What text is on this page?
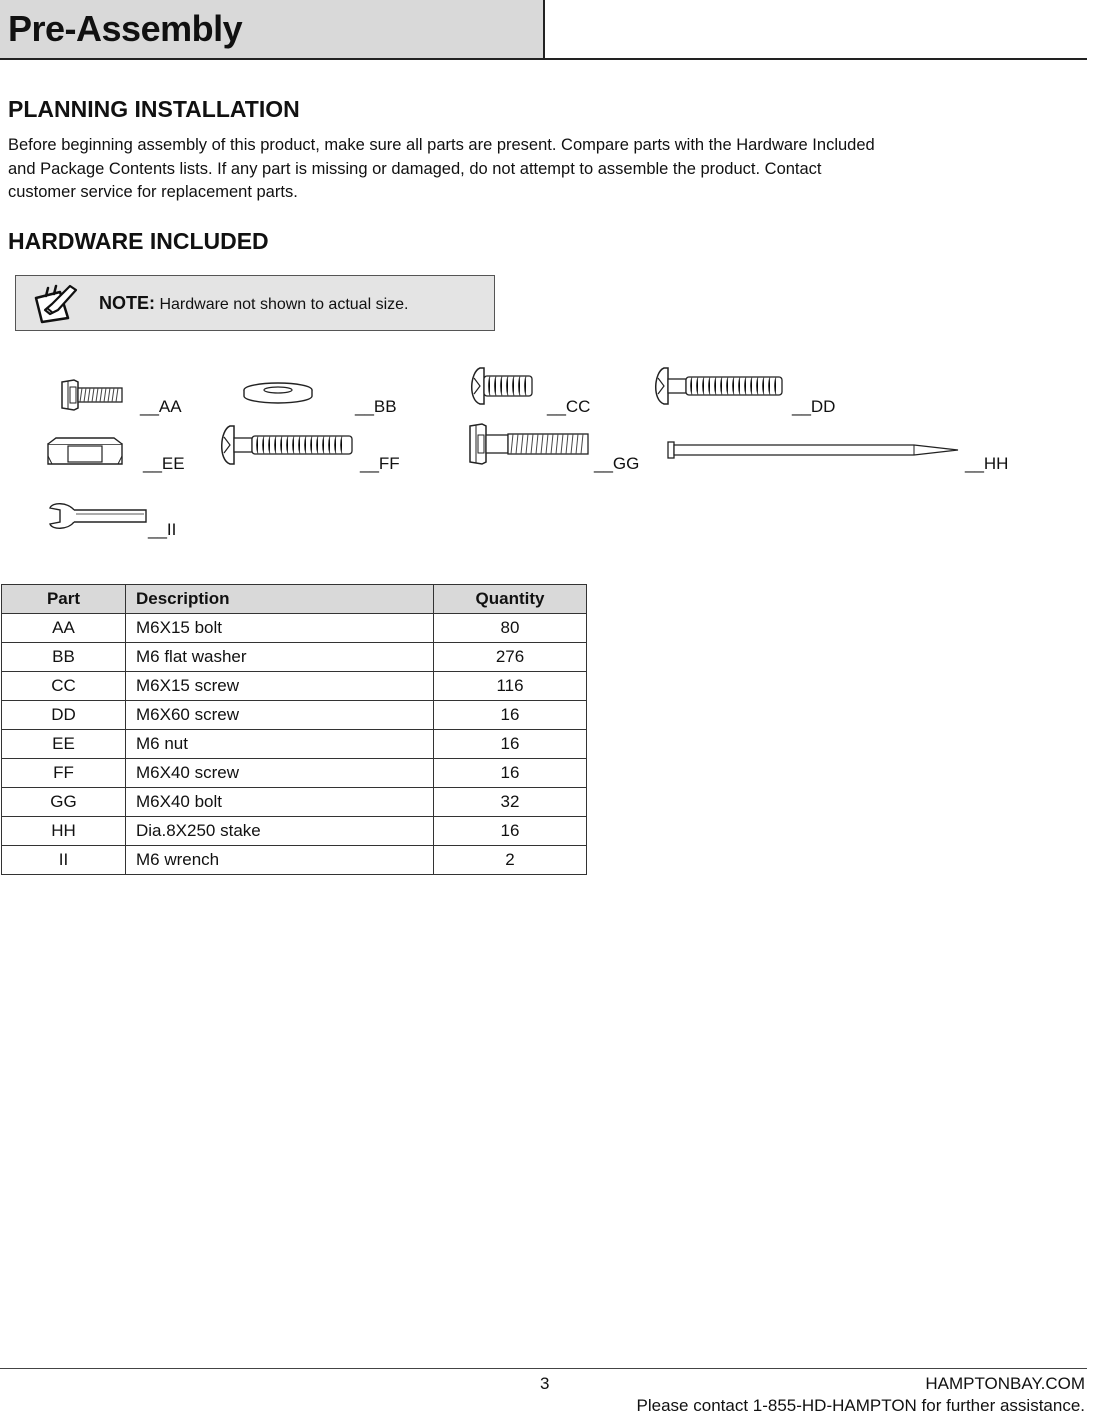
Pre-Assembly
PLANNING INSTALLATION
Before beginning assembly of this product, make sure all parts are present. Compare parts with the Hardware Included
and Package Contents lists. If any part is missing or damaged, do not attempt to assemble the product. Contact
customer service for replacement parts.
HARDWARE INCLUDED
NOTE: Hardware not shown to actual size.
__AA	__BB	__CC	__DD
__EE	__FF	__GG	__HH
__II
Part	Description	Quantity
AA	M6X15 bolt	80
BB	M6 flat washer	276
CC	M6X15 screw	116
DD	M6X60 screw	16
EE	M6 nut	16
FF	M6X40 screw	16
GG	M6X40 bolt	32
HH	Dia.8X250 stake	16
II	M6 wrench	2
3	HAMPTONBAY.COM
Please contact 1-855-HD-HAMPTON for further assistance.
